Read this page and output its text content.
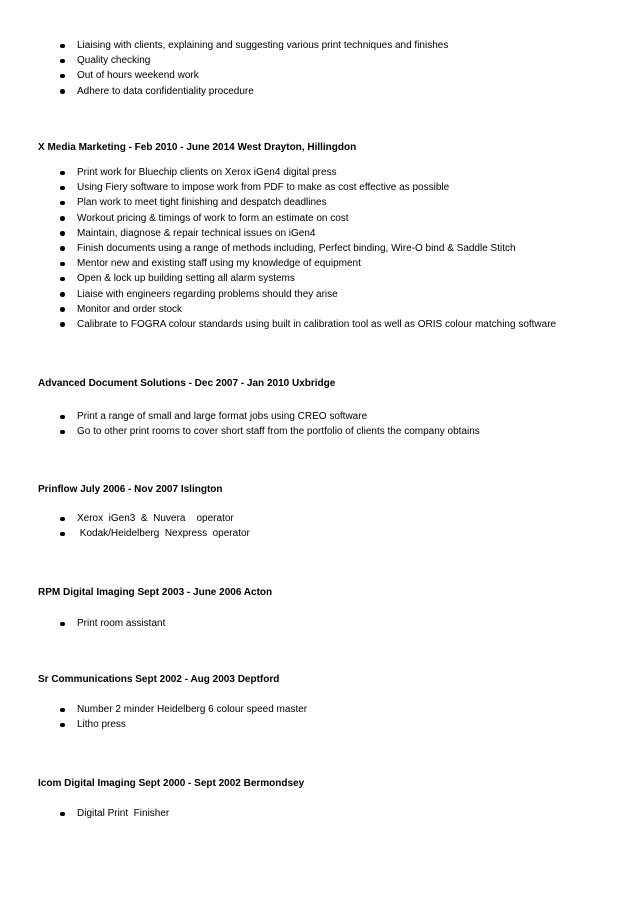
Liaising with clients, explaining and suggesting various print techniques and finishes
Quality checking
Out of hours weekend work
Adhere to data confidentiality procedure

X Media Marketing - Feb 2010 - June 2014 West Drayton, Hillingdon

Print work for Bluechip clients on Xerox iGen4 digital press
Using Fiery software to impose work from PDF to make as cost effective as possible
Plan work to meet tight finishing and despatch deadlines
Workout pricing & timings of work to form an estimate on cost
Maintain, diagnose & repair technical issues on iGen4
Finish documents using a range of methods including, Perfect binding, Wire-O bind & Saddle Stitch
Mentor new and existing staff using my knowledge of equipment
Open & lock up building setting all alarm systems
Liaise with engineers regarding problems should they arise
Monitor and order stock
Calibrate to FOGRA colour standards using built in calibration tool as well as ORIS colour matching software

Advanced Document Solutions - Dec 2007 - Jan 2010 Uxbridge

Print a range of small and large format jobs using CREO software
Go to other print rooms to cover short staff from the portfolio of clients the company obtains

Prinflow July 2006 - Nov 2007 Islington

Xerox  iGen3  &  Nuvera    operator
Kodak/Heidelberg  Nexpress  operator

RPM Digital Imaging Sept 2003 - June 2006 Acton

Print room assistant

Sr Communications Sept 2002 - Aug 2003 Deptford

Number 2 minder Heidelberg 6 colour speed master
Litho press

Icom Digital Imaging Sept 2000 - Sept 2002 Bermondsey

Digital Print  Finisher
